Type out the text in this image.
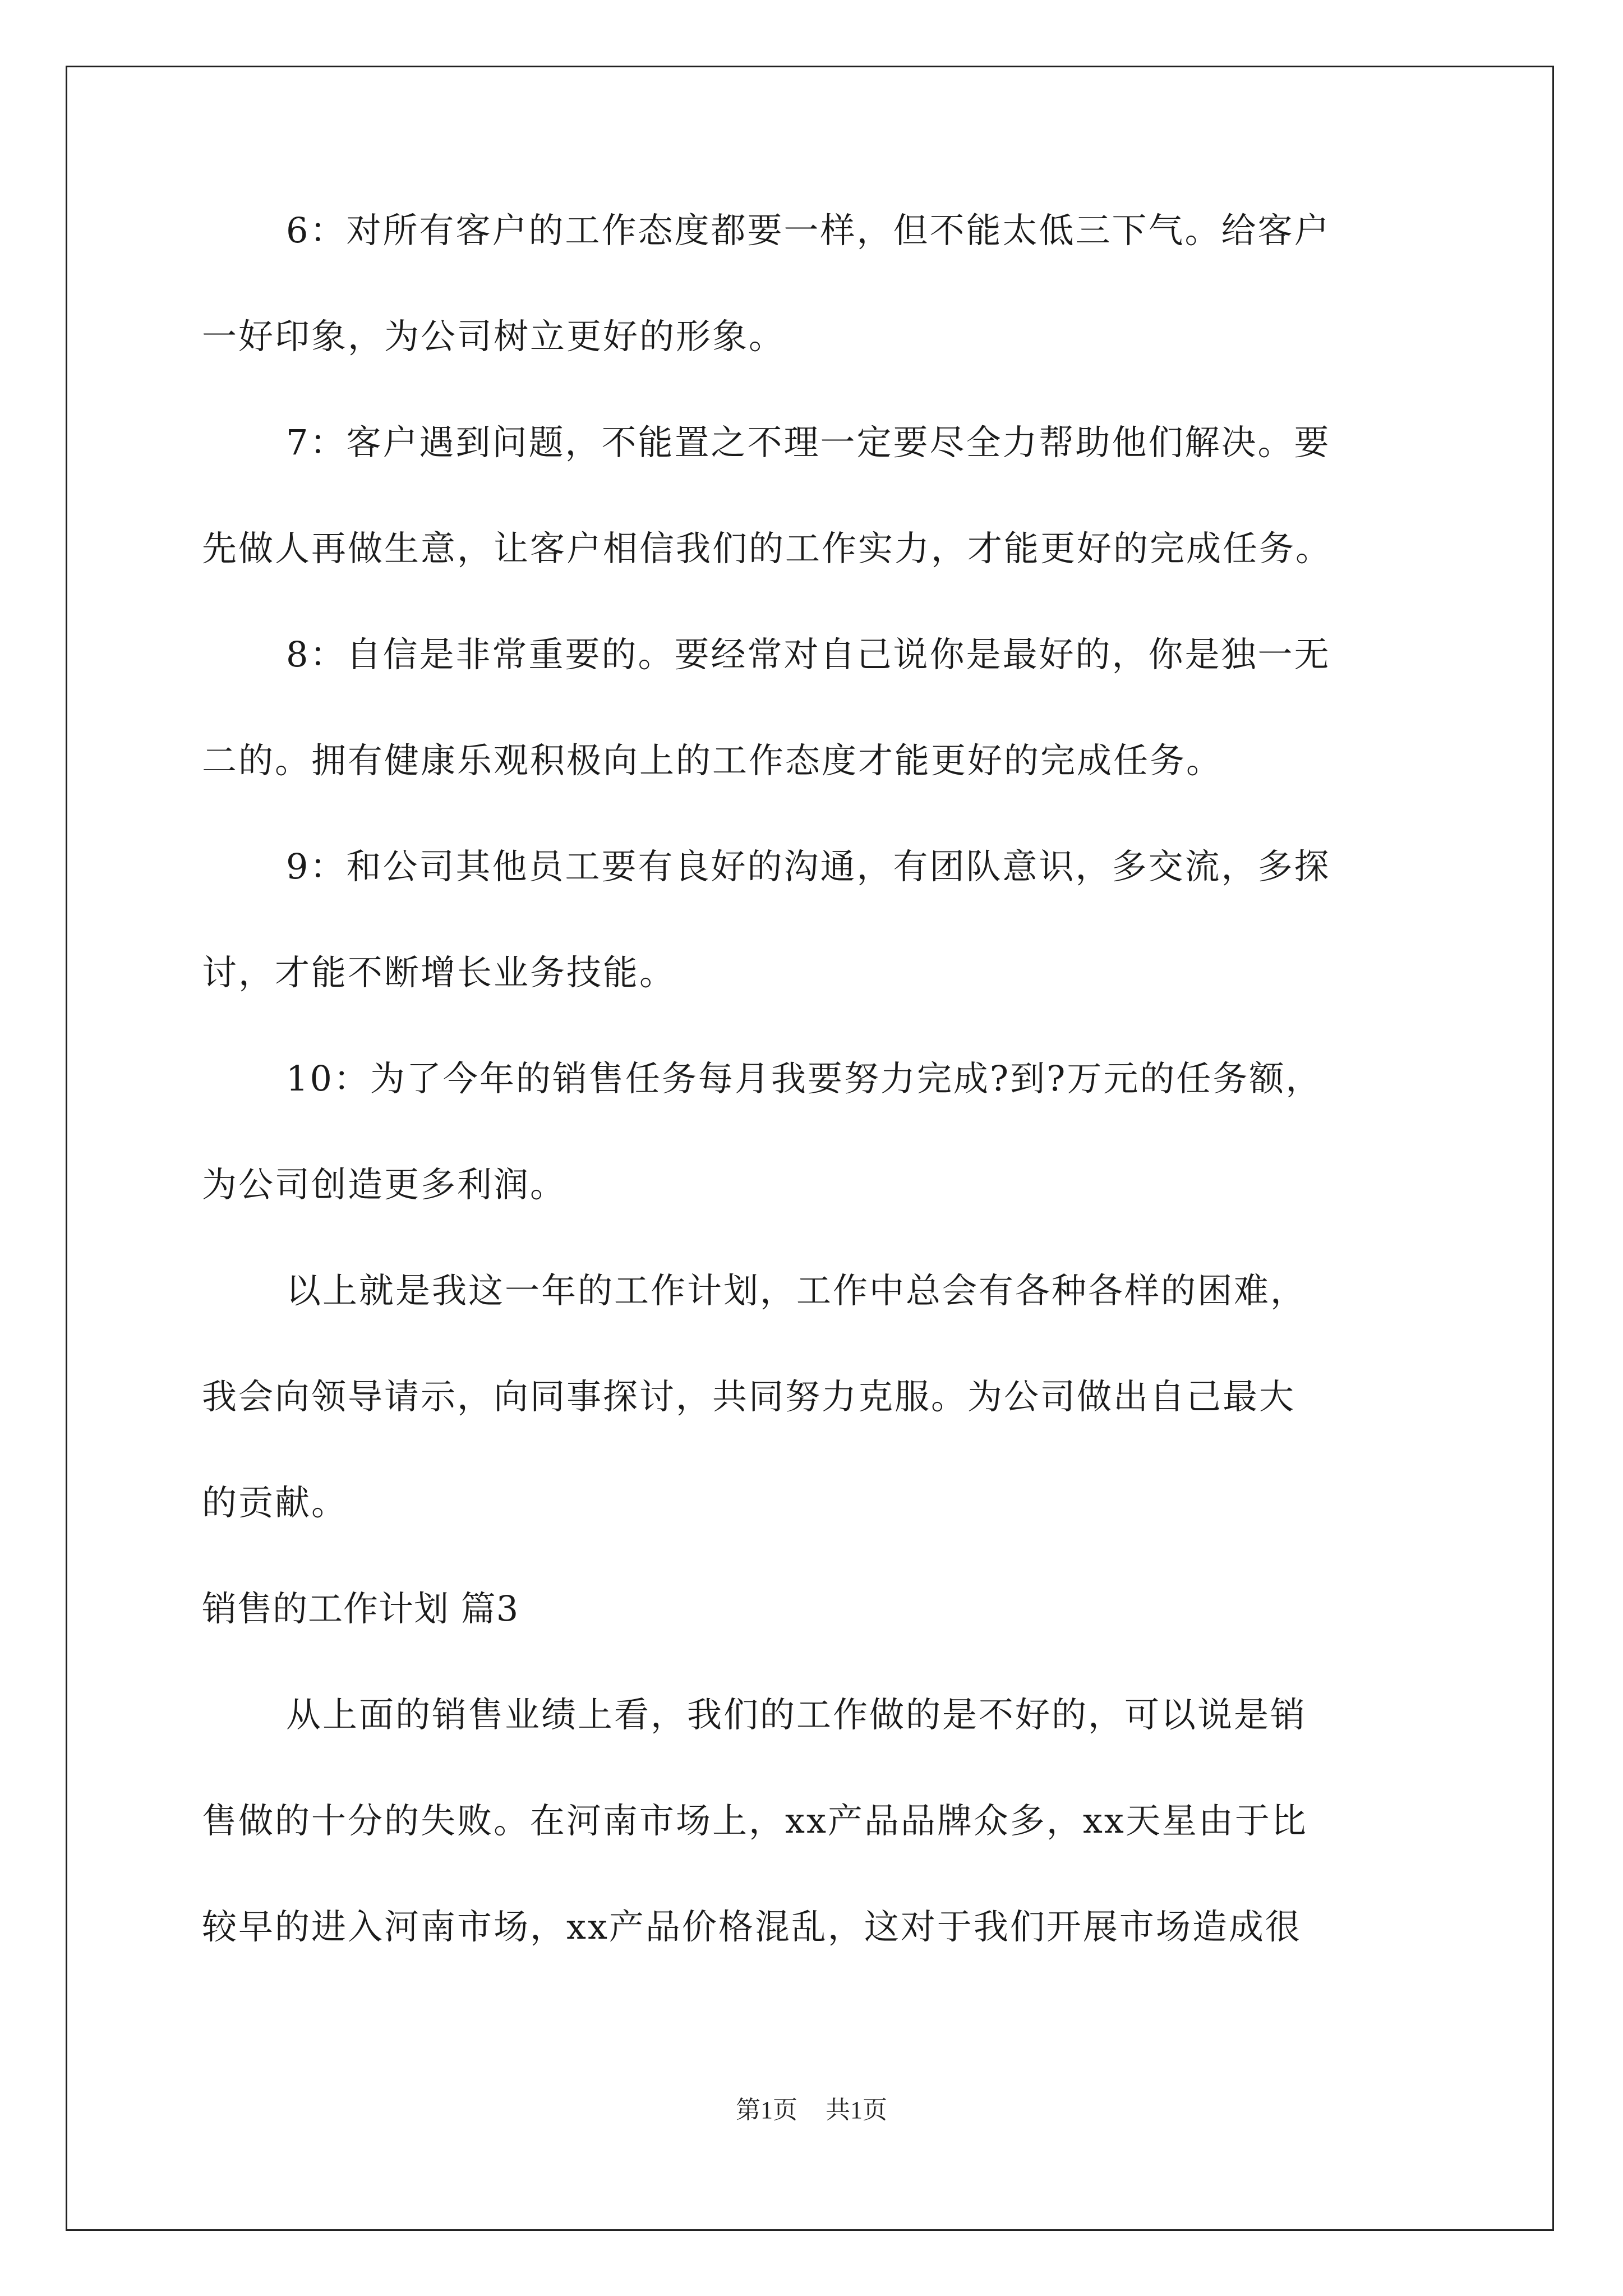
6：对所有客户的工作态度都要一样，但不能太低三下气。给客户
一好印象，为公司树立更好的形象。
7：客户遇到问题，不能置之不理一定要尽全力帮助他们解决。要
先做人再做生意，让客户相信我们的工作实力，才能更好的完成任务。
8：自信是非常重要的。要经常对自己说你是最好的，你是独一无
二的。拥有健康乐观积极向上的工作态度才能更好的完成任务。
9：和公司其他员工要有良好的沟通，有团队意识，多交流，多探
讨，才能不断增长业务技能。
10：为了今年的销售任务每月我要努力完成?到?万元的任务额，
为公司创造更多利润。
以上就是我这一年的工作计划，工作中总会有各种各样的困难，
我会向领导请示，向同事探讨，共同努力克服。为公司做出自己最大
的贡献。
销售的工作计划 篇3
从上面的销售业绩上看，我们的工作做的是不好的，可以说是销
售做的十分的失败。在河南市场上，xx产品品牌众多，xx天星由于比
较早的进入河南市场，xx产品价格混乱，这对于我们开展市场造成很
第1页 共1页
